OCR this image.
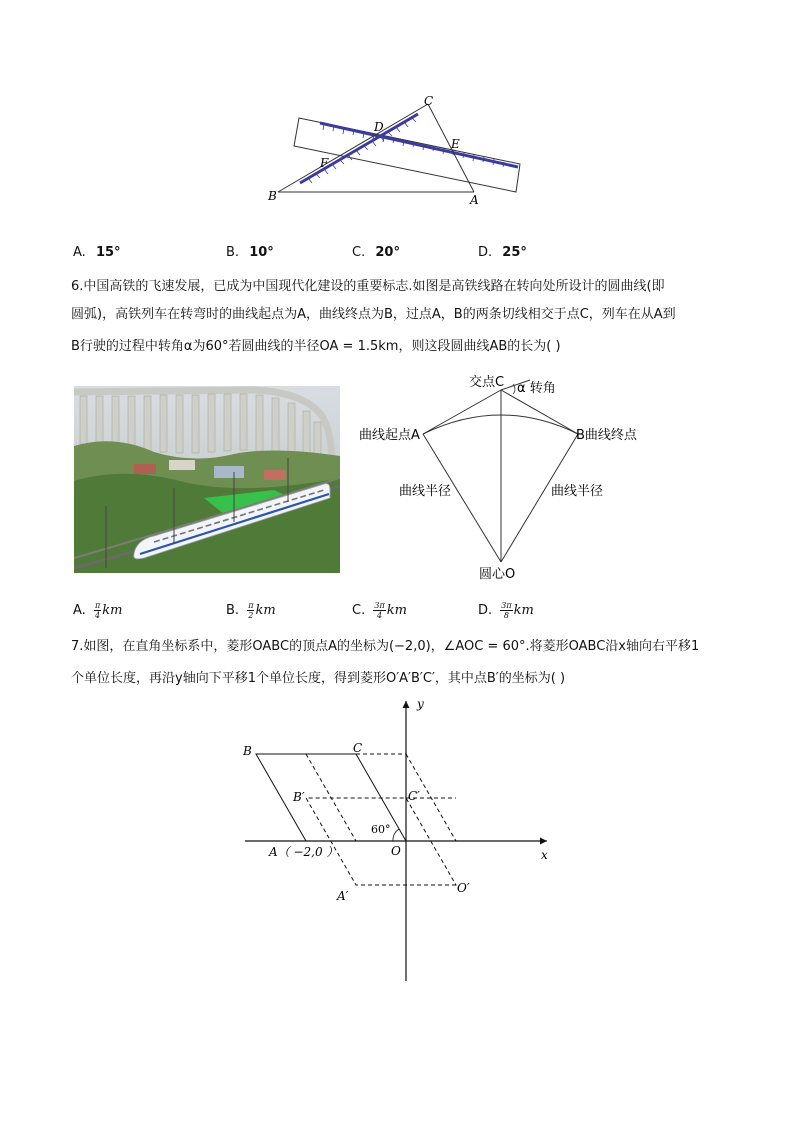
C
D
E
F
B	A
A. 15°	B. 10°	C. 20°	D. 25°
6.中国高铁的飞速发展，已成为中国现代化建设的重要标志.如图是高铁线路在转向处所设计的圆曲线(即
圆弧)，高铁列车在转弯时的曲线起点为A，曲线终点为B，过点A，B的两条切线相交于点C，列车在从A到
B行驶的过程中转角α为60°若圆曲线的半径OA = 1.5km，则这段圆曲线AB的长为( )
交点C α 转角
曲线起点A	B曲线终点
曲线半径	曲线半径
圆心O
A. $\frac{\pi}{4}$ km	B. $\frac{\pi}{2}$ km	C. $\frac{3\pi}{4}$ km	D. $\frac{3\pi}{8}$ km
7.如图，在直角坐标系中，菱形OABC的顶点A的坐标为(−2,0)，∠AOC = 60°.将菱形OABC沿x轴向右平移1
个单位长度，再沿y轴向下平移1个单位长度，得到菱形O′A′B′C′，其中点B′的坐标为( )
y
x
B	C
B′	C′
60°
A（ −2,0 ）	O
A′
O′
